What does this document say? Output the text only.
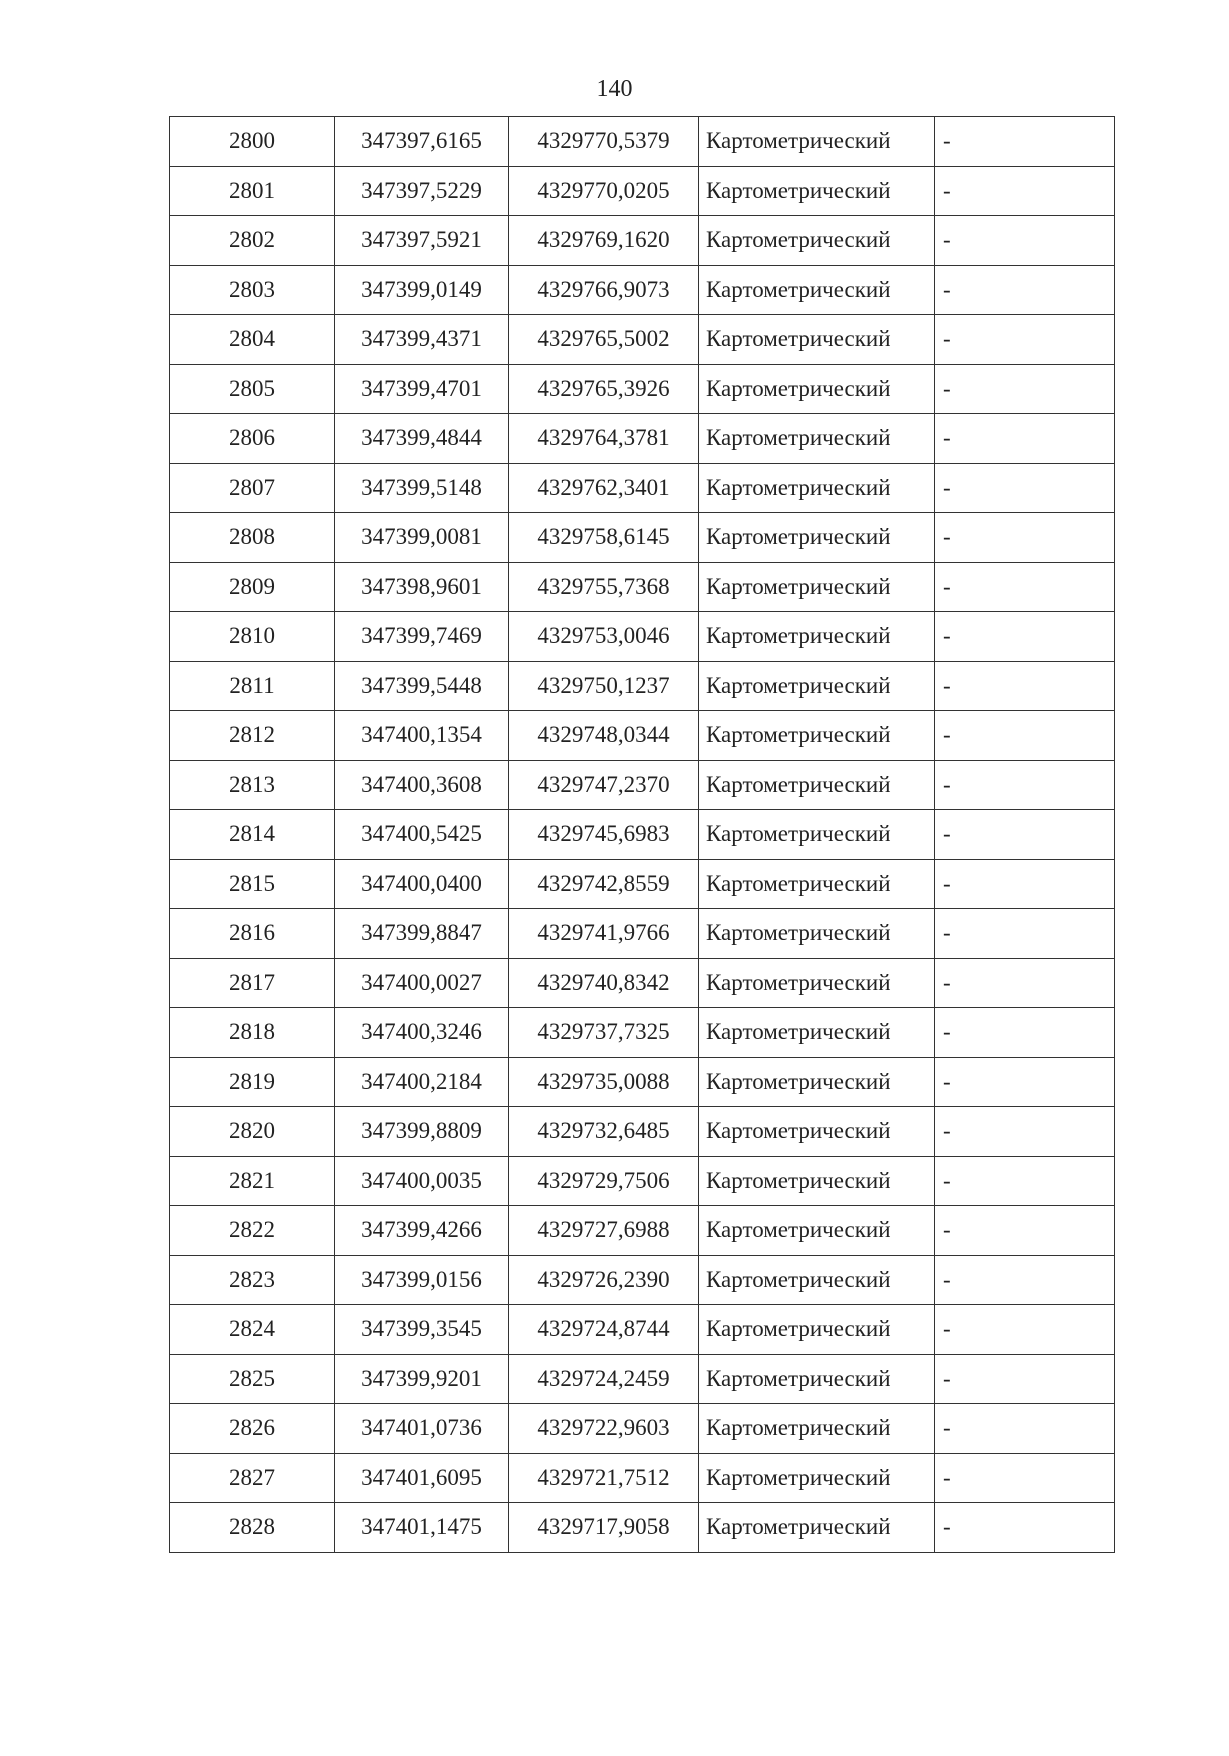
140
2800	347397,6165	4329770,5379	Картометрический	-
2801	347397,5229	4329770,0205	Картометрический	-
2802	347397,5921	4329769,1620	Картометрический	-
2803	347399,0149	4329766,9073	Картометрический	-
2804	347399,4371	4329765,5002	Картометрический	-
2805	347399,4701	4329765,3926	Картометрический	-
2806	347399,4844	4329764,3781	Картометрический	-
2807	347399,5148	4329762,3401	Картометрический	-
2808	347399,0081	4329758,6145	Картометрический	-
2809	347398,9601	4329755,7368	Картометрический	-
2810	347399,7469	4329753,0046	Картометрический	-
2811	347399,5448	4329750,1237	Картометрический	-
2812	347400,1354	4329748,0344	Картометрический	-
2813	347400,3608	4329747,2370	Картометрический	-
2814	347400,5425	4329745,6983	Картометрический	-
2815	347400,0400	4329742,8559	Картометрический	-
2816	347399,8847	4329741,9766	Картометрический	-
2817	347400,0027	4329740,8342	Картометрический	-
2818	347400,3246	4329737,7325	Картометрический	-
2819	347400,2184	4329735,0088	Картометрический	-
2820	347399,8809	4329732,6485	Картометрический	-
2821	347400,0035	4329729,7506	Картометрический	-
2822	347399,4266	4329727,6988	Картометрический	-
2823	347399,0156	4329726,2390	Картометрический	-
2824	347399,3545	4329724,8744	Картометрический	-
2825	347399,9201	4329724,2459	Картометрический	-
2826	347401,0736	4329722,9603	Картометрический	-
2827	347401,6095	4329721,7512	Картометрический	-
2828	347401,1475	4329717,9058	Картометрический	-
